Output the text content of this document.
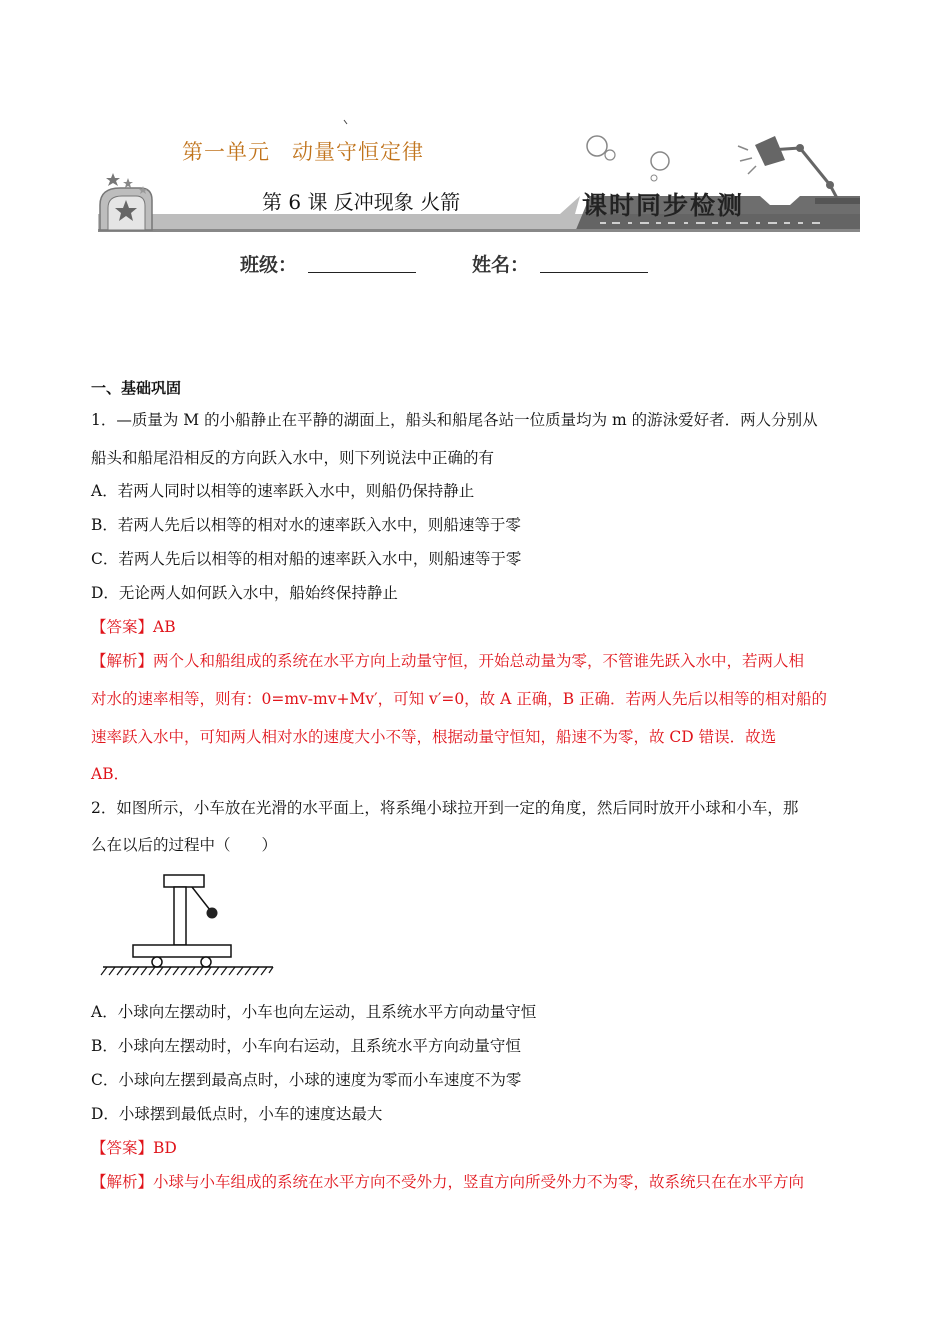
第一单元　动量守恒定律
第 6 课 反冲现象 火箭	课时同步检测
班级：	姓名：
一、基础巩固
1．—质量为 M 的小船静止在平静的湖面上，船头和船尾各站一位质量均为 m 的游泳爱好者．两人分别从
船头和船尾沿相反的方向跃入水中，则下列说法中正确的有
A．若两人同时以相等的速率跃入水中，则船仍保持静止
B．若两人先后以相等的相对水的速率跃入水中，则船速等于零
C．若两人先后以相等的相对船的速率跃入水中，则船速等于零
D．无论两人如何跃入水中，船始终保持静止
【答案】AB
【解析】两个人和船组成的系统在水平方向上动量守恒，开始总动量为零，不管谁先跃入水中，若两人相
对水的速率相等，则有：0=mv-mv+Mv′，可知 v′=0，故 A 正确，B 正确．若两人先后以相等的相对船的
速率跃入水中，可知两人相对水的速度大小不等，根据动量守恒知，船速不为零，故 CD 错误．故选
AB．
2．如图所示，小车放在光滑的水平面上，将系绳小球拉开到一定的角度，然后同时放开小球和小车，那
么在以后的过程中（　　）
A．小球向左摆动时，小车也向左运动，且系统水平方向动量守恒
B．小球向左摆动时，小车向右运动，且系统水平方向动量守恒
C．小球向左摆到最高点时，小球的速度为零而小车速度不为零
D．小球摆到最低点时，小车的速度达最大
【答案】BD
【解析】小球与小车组成的系统在水平方向不受外力，竖直方向所受外力不为零，故系统只在在水平方向
